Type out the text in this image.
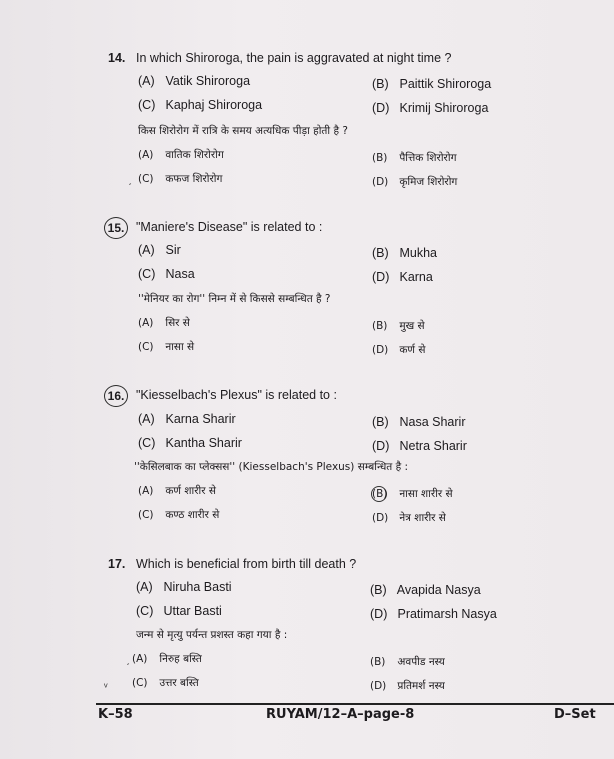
14. In which Shiroroga, the pain is aggravated at night time ?
(A) Vatik Shiroroga	(B) Paittik Shiroroga
(C) Kaphaj Shiroroga	(D) Krimij Shiroroga
किस शिरोरोग में रात्रि के समय अत्यधिक पीड़ा होती है ?
(A) वातिक शिरोरोग	(B) पैत्तिक शिरोरोग
ˏ (C) कफज शिरोरोग	(D) कृमिज शिरोरोग
15. "Maniere's Disease" is related to :
(A) Sir	(B) Mukha
(C) Nasa	(D) Karna
''मेनियर का रोग'' निम्न में से किससे सम्बन्धित है ?
(A) सिर से	(B) मुख से
(C) नासा से	(D) कर्ण से
16. "Kiesselbach's Plexus" is related to :
(A) Karna Sharir	(B) Nasa Sharir
(C) Kantha Sharir	(D) Netra Sharir
''केसिलबाक का प्लेक्सस'' (Kiesselbach's Plexus) सम्बन्धित है :
(A) कर्ण शारीर से	(B) नासा शारीर से
(C) कण्ठ शारीर से	(D) नेत्र शारीर से
17. Which is beneficial from birth till death ?
(A) Niruha Basti	(B) Avapida Nasya
(C) Uttar Basti	(D) Pratimarsh Nasya
जन्म से मृत्यु पर्यन्त प्रशस्त कहा गया है :
ˏ (A) निरुह बस्ति	(B) अवपीड नस्य
ᵥ (C) उत्तर बस्ति	(D) प्रतिमर्श नस्य
K–58	RUYAM/12–A–page-8	D–Set
